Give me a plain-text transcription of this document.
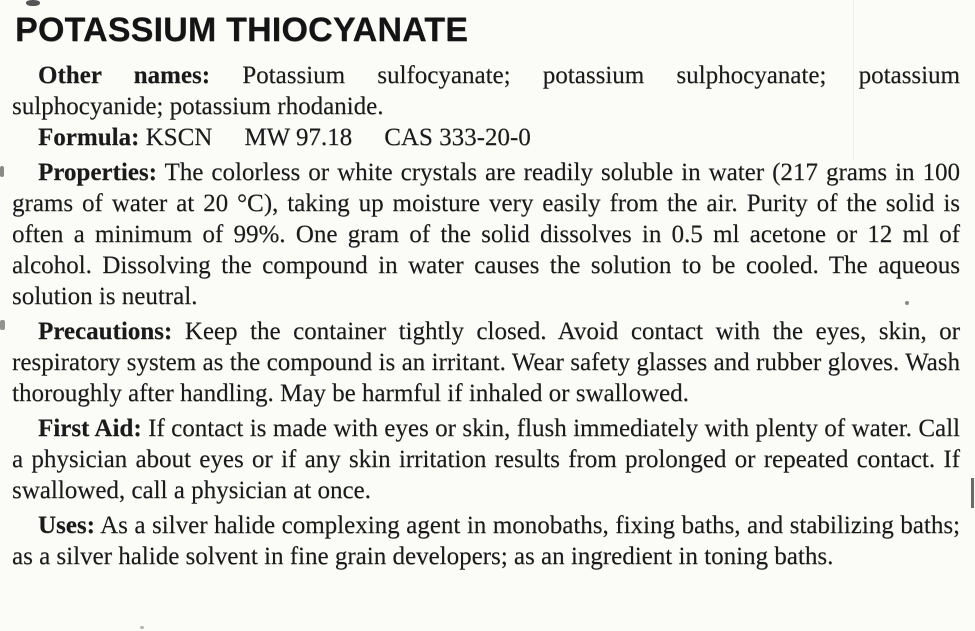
POTASSIUM THIOCYANATE

Other names: Potassium sulfocyanate; potassium sulphocyanate; potassium sulphocyanide; potassium rhodanide.

Formula: KSCN MW 97.18 CAS 333-20-0

Properties: The colorless or white crystals are readily soluble in water (217 grams in 100 grams of water at 20 °C), taking up moisture very easily from the air. Purity of the solid is often a minimum of 99%. One gram of the solid dissolves in 0.5 ml acetone or 12 ml of alcohol. Dissolving the compound in water causes the solution to be cooled. The aqueous solution is neutral.

Precautions: Keep the container tightly closed. Avoid contact with the eyes, skin, or respiratory system as the compound is an irritant. Wear safety glasses and rubber gloves. Wash thoroughly after handling. May be harmful if inhaled or swallowed.

First Aid: If contact is made with eyes or skin, flush immediately with plenty of water. Call a physician about eyes or if any skin irritation results from prolonged or repeated contact. If swallowed, call a physician at once.

Uses: As a silver halide complexing agent in monobaths, fixing baths, and stabilizing baths; as a silver halide solvent in fine grain developers; as an ingredient in toning baths.
